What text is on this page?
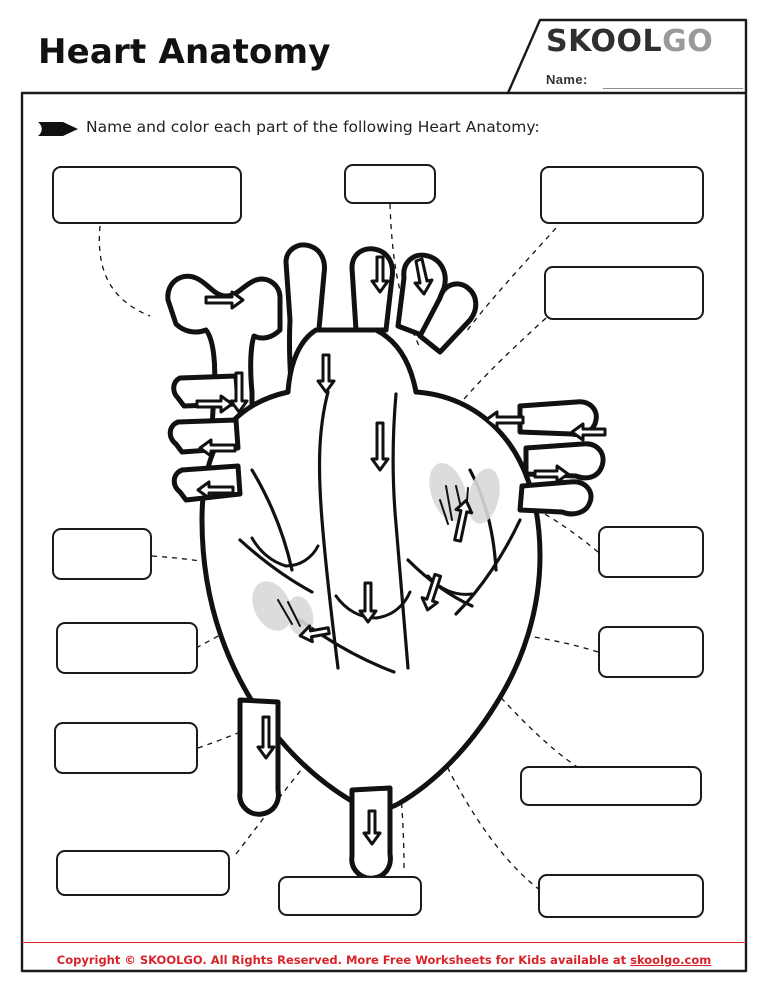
Heart Anatomy	SKOOLGO
Name:
Name and color each part of the following Heart Anatomy:
Copyright © SKOOLGO. All Rights Reserved. More Free Worksheets for Kids available at skoolgo.com
